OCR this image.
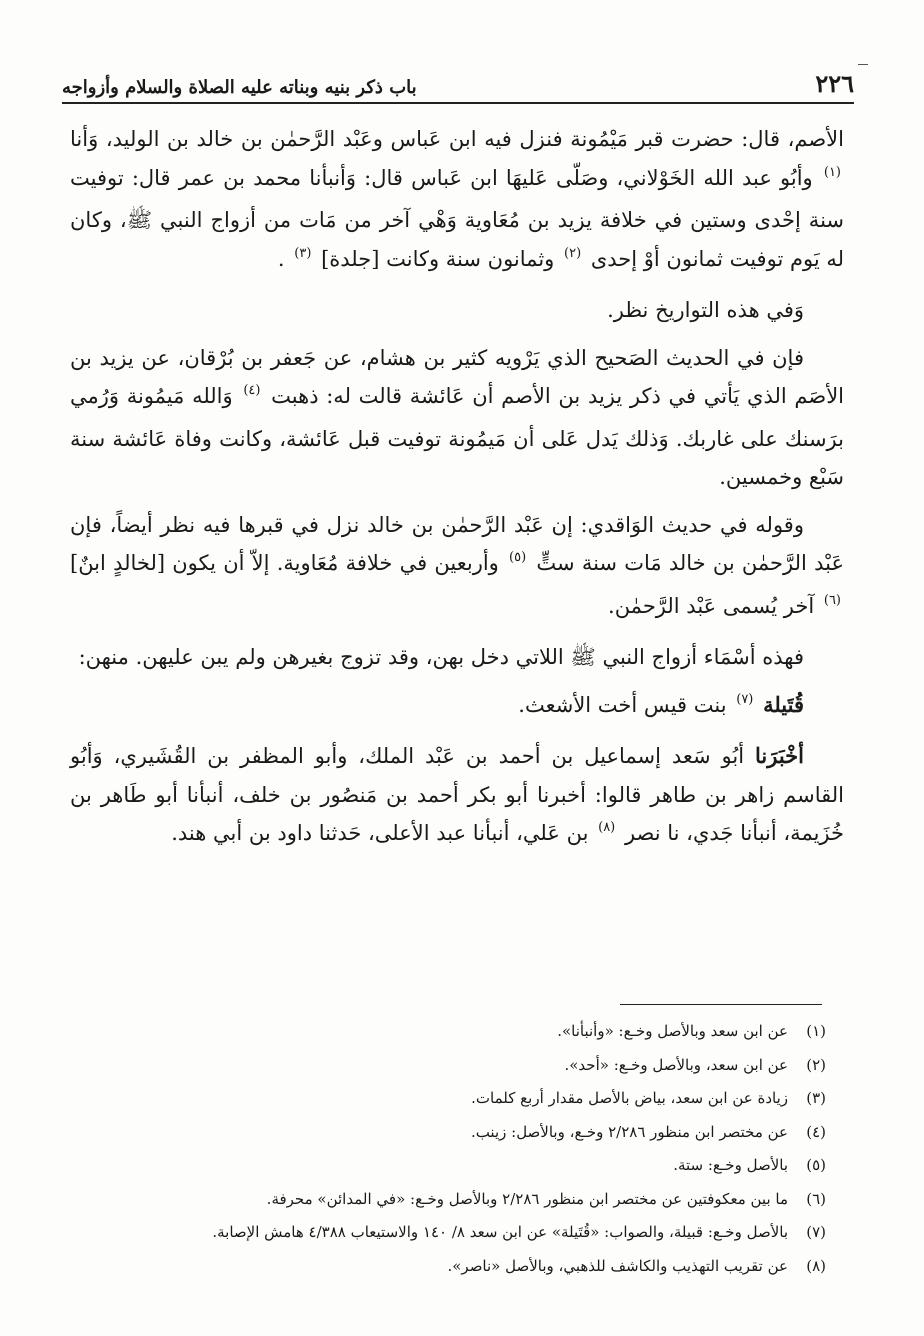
٢٢٦
باب ذكر بنيه وبناته عليه الصلاة والسلام وأزواجه

الأصم، قال: حضرت قبر مَيْمُونة فنزل فيه ابن عَباس وعَبْد الرَّحمٰن بن خالد بن الوليد، وَأنا $^{(١)}$ وأبُو عبد الله الخَوْلاني، وصَلّى عَليهَا ابن عَباس قال: وَأنبأنا محمد بن عمر قال: توفيت سنة إحْدى وستين في خلافة يزيد بن مُعَاوية وَهْي آخر من مَات من أزواج النبي ﷺ، وكان له يَوم توفيت ثمانون أوْ إحدى $^{(٢)}$ وثمانون سنة وكانت [جلدة] $^{(٣)}$ .

وَفي هذه التواريخ نظر.

فإن في الحديث الصَحيح الذي يَرْويه كثير بن هشام، عن جَعفر بن بُرْقان، عن يزيد بن الأصَم الذي يَأتي في ذكر يزيد بن الأصم أن عَائشة قالت له: ذهبت $^{(٤)}$ وَالله مَيمُونة وَرُمي برَسنك على غاربك. وَذلك يَدل عَلى أن مَيمُونة توفيت قبل عَائشة، وكانت وفاة عَائشة سنة سَبْع وخمسين.

وقوله في حديث الوَاقدي: إن عَبْد الرَّحمٰن بن خالد نزل في قبرها فيه نظر أيضاً، فإن عَبْد الرَّحمٰن بن خالد مَات سنة ستٍّ $^{(٥)}$ وأربعين في خلافة مُعَاوية. إلاّ أن يكون [لخالدٍ ابنٌ] $^{(٦)}$ آخر يُسمى عَبْد الرَّحمٰن.

فهذه أسْمَاء أزواج النبي ﷺ اللاتي دخل بهن، وقد تزوج بغيرهن ولم يبن عليهن. منهن:

قُتَيلة $^{(٧)}$ بنت قيس أخت الأشعث.

أخْبَرَنا أبُو سَعد إسماعيل بن أحمد بن عَبْد الملك، وأبو المظفر بن القُشَيري، وَأبُو القاسم زاهر بن طاهر قالوا: أخبرنا أبو بكر أحمد بن مَنصُور بن خلف، أنبأنا أبو طَاهر بن خُزَيمة، أنبأنا جَدي، نا نصر $^{(٨)}$ بن عَلي، أنبأنا عبد الأعلى، حَدثنا داود بن أبي هند.

(١)
عن ابن سعد وبالأصل وخـع: «وأنبأنا».
(٢)
عن ابن سعد، وبالأصل وخـع: «أحد».
(٣)
زيادة عن ابن سعد، بياض بالأصل مقدار أربع كلمات.
(٤)
عن مختصر ابن منظور ٢/٢٨٦ وخـع، وبالأصل: زينب.
(٥)
بالأصل وخـع: ستة.
(٦)
ما بين معكوفتين عن مختصر ابن منظور ٢/٢٨٦ وبالأصل وخـع: «في المدائن» محرفة.
(٧)
بالأصل وخـع: قبيلة، والصواب: «قُتَيلة» عن ابن سعد ٨/ ١٤٠ والاستيعاب ٤/٣٨٨ هامش الإصابة.
(٨)
عن تقريب التهذيب والكاشف للذهبي، وبالأصل «ناصر».
